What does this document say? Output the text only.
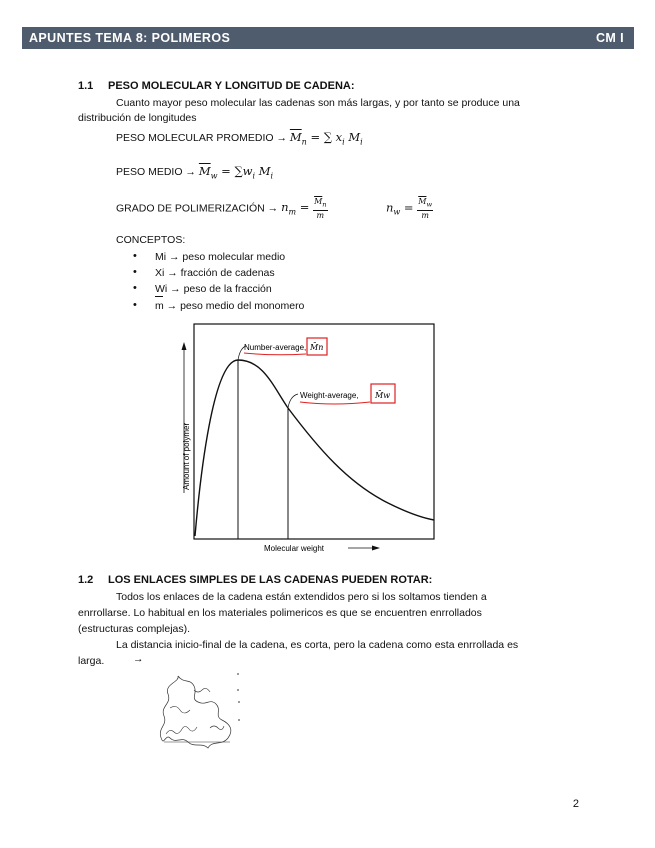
APUNTES TEMA 8: POLIMEROS	CM I
1.1 PESO MOLECULAR Y LONGITUD DE CADENA:
Cuanto mayor peso molecular las cadenas son más largas, y por tanto se produce una
distribución de longitudes
PESO MOLECULAR PROMEDIO → $\overline{M}_n$ = ∑ $x_i$ $M_i$
PESO MEDIO → $\overline{M}_w = \sum w_i$ $M_i$
GRADO DE POLIMERIZACIÓN → $n_m = \frac{\overline{M}_n}{m}$	$n_w = \frac{\overline{M}_w}{m}$
CONCEPTOS:
• Mi → peso molecular medio
• Xi → fracción de cadenas
• Wi → peso de la fracción
• m → peso medio del monomero
Amount of polymer
Number-average, M̄n
Weight-average, M̄w
Molecular weight
1.2 LOS ENLACES SIMPLES DE LAS CADENAS PUEDEN ROTAR:
Todos los enlaces de la cadena están extendidos pero si los soltamos tienden a
enrrollarse. Lo habitual en los materiales polimericos es que se encuentren enrrollados
(estructuras complejas).
La distancia inicio-final de la cadena, es corta, pero la cadena como esta enrrollada es
larga.	→
2
